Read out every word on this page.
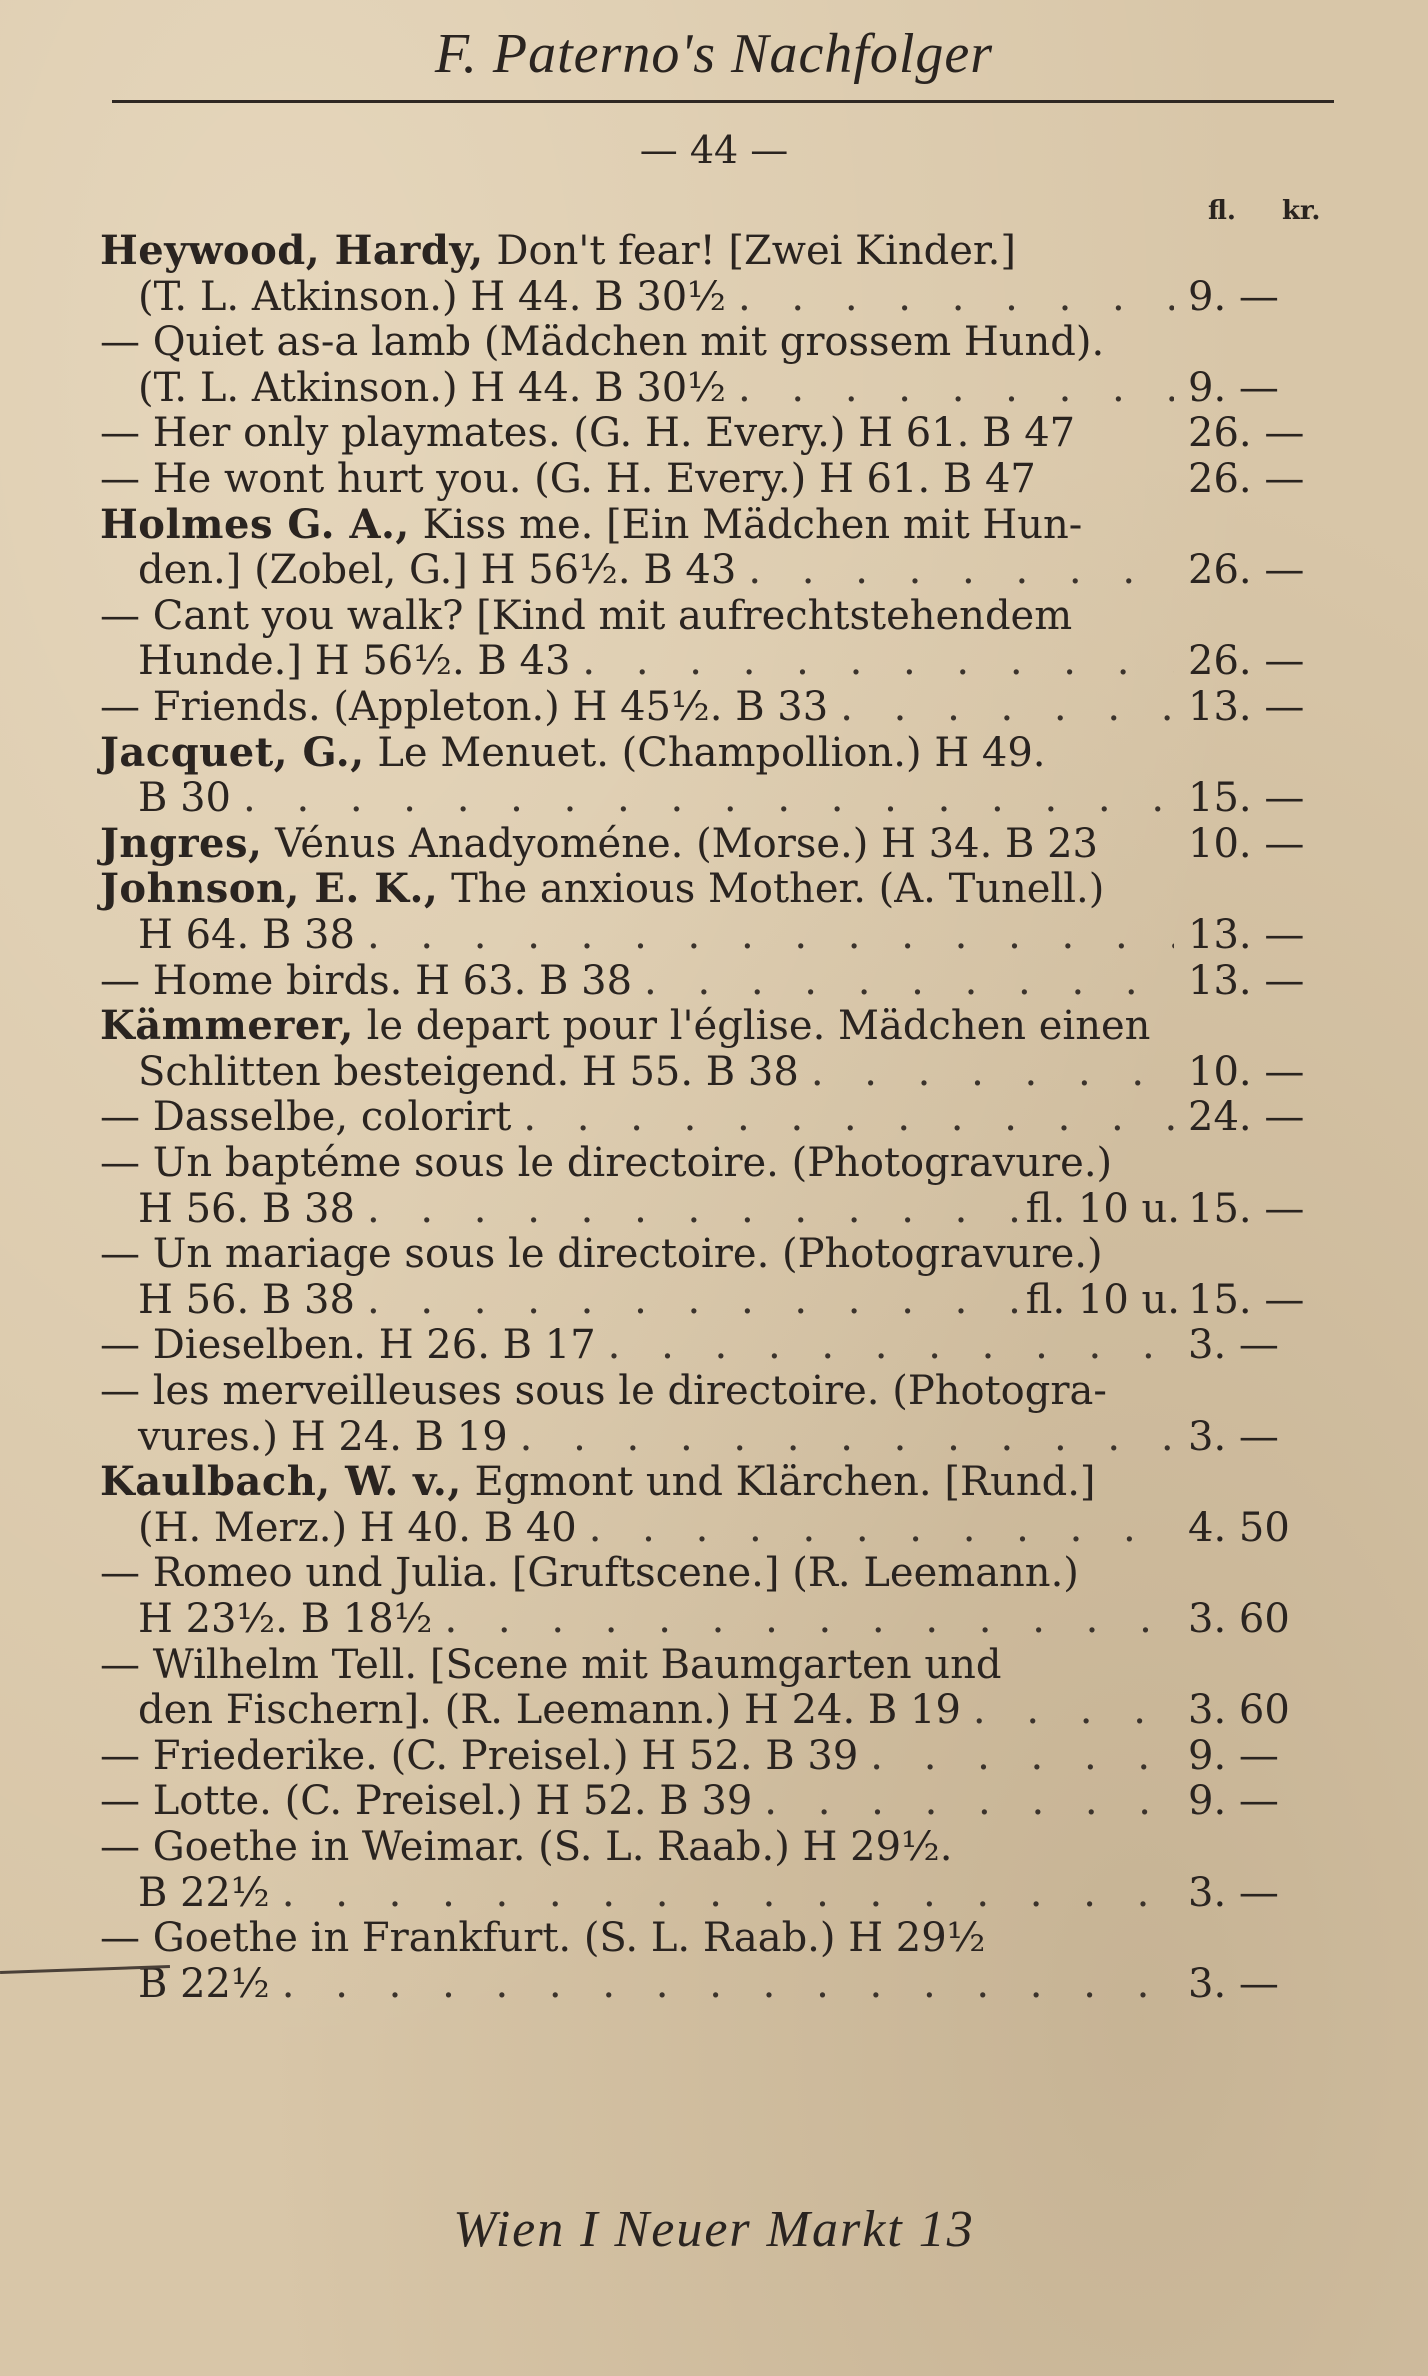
F. Paterno's Nachfolger
— 44 —
fl. kr.
Heywood, Hardy, Don't fear! [Zwei Kinder.]
(T. L. Atkinson.) H 44. B 30½ . . .	9. —
— Quiet as-a lamb (Mädchen mit grossem Hund).
(T. L. Atkinson.) H 44. B 30½ . . .	9. —
— Her only playmates. (G. H. Every.) H 61. B 47	26. —
— He wont hurt you. (G. H. Every.) H 61. B 47	26. —
Holmes G. A., Kiss me. [Ein Mädchen mit Hun-
den.] (Zobel, G.] H 56½. B 43 . . .	26. —
— Cant you walk? [Kind mit aufrechtstehendem
Hunde.] H 56½. B 43 . . .	26. —
— Friends. (Appleton.) H 45½. B 33 . . .	13. —
Jacquet, G., Le Menuet. (Champollion.) H 49.
B 30 . . .	15. —
Jngres, Vénus Anadyoméne. (Morse.) H 34. B 23 10. —
Johnson, E. K., The anxious Mother. (A. Tunell.)
H 64. B 38 . . .	13. —
— Home birds. H 63. B 38 . . .	13. —
Kämmerer, le depart pour l'église. Mädchen einen
Schlitten besteigend. H 55. B 38 . . .	10. —
— Dasselbe, colorirt . . .	24. —
— Un baptéme sous le directoire. (Photogravure.)
H 56. B 38 . . .	fl. 10 u. 15. —
— Un mariage sous le directoire. (Photogravure.)
H 56. B 38 . . .	fl. 10 u. 15. —
— Dieselben. H 26. B 17 . . .	3. —
— les merveilleuses sous le directoire. (Photogra-
vures.) H 24. B 19 . . .	3. —
Kaulbach, W. v., Egmont und Klärchen. [Rund.]
(H. Merz.) H 40. B 40 . . .	4. 50
— Romeo und Julia. [Gruftscene.] (R. Leemann.)
H 23½. B 18½ . . .	3. 60
— Wilhelm Tell. [Scene mit Baumgarten und
den Fischern]. (R. Leemann.) H 24. B 19 . . .	3. 60
— Friederike. (C. Preisel.) H 52. B 39 . . .	9. —
— Lotte. (C. Preisel.) H 52. B 39 . . .	9. —
— Goethe in Weimar. (S. L. Raab.) H 29½.
B 22½ . . .	3. —
— Goethe in Frankfurt. (S. L. Raab.) H 29½
B 22½ . . .	3. —
Wien I Neuer Markt 13
